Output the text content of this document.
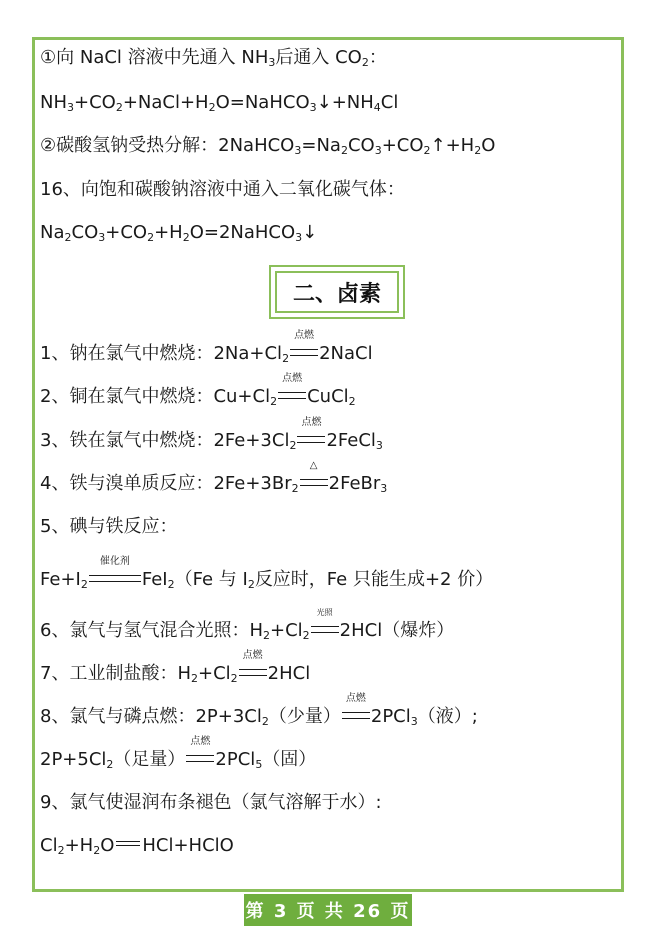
①向 NaCl 溶液中先通入 $NH_3$后通入 $CO_2$：
$NH_3+CO_2+NaCl+H_2O=NaHCO_3↓+NH_4Cl$
②碳酸氢钠受热分解：$2NaHCO_3=Na_2CO_3+CO_2↑+H_2O$
16、向饱和碳酸钠溶液中通入二氧化碳气体：
$Na_2CO_3+CO_2+H_2O=2NaHCO_3↓$
二、卤素
1、钠在氯气中燃烧：$2Na+Cl_2$
点燃
2NaCl
2、铜在氯气中燃烧：$Cu+Cl_2$
点燃
CuCl$_2$
3、铁在氯气中燃烧：$2Fe+3Cl_2$
点燃
2FeCl$_3$
4、铁与溴单质反应：$2Fe+3Br_2$
△
2FeBr$_3$
5、碘与铁反应：
$Fe+I_2$
催化剂
FeI$_2$（Fe 与 $I_2$反应时，Fe 只能生成+2 价）
6、氯气与氢气混合光照：$H_2+Cl_2$
光照
2HCl（爆炸）
7、工业制盐酸：$H_2+Cl_2$
点燃
2HCl
8、氯气与磷点燃：$2P+3Cl_2$（少量）
点燃
2PCl$_3$（液）;
$2P+5Cl_2$（足量）
点燃
2PCl$_5$（固）
9、氯气使湿润布条褪色（氯气溶解于水）:
$Cl_2+H_2O$ HCl+HClO
第 3 页 共 26 页
